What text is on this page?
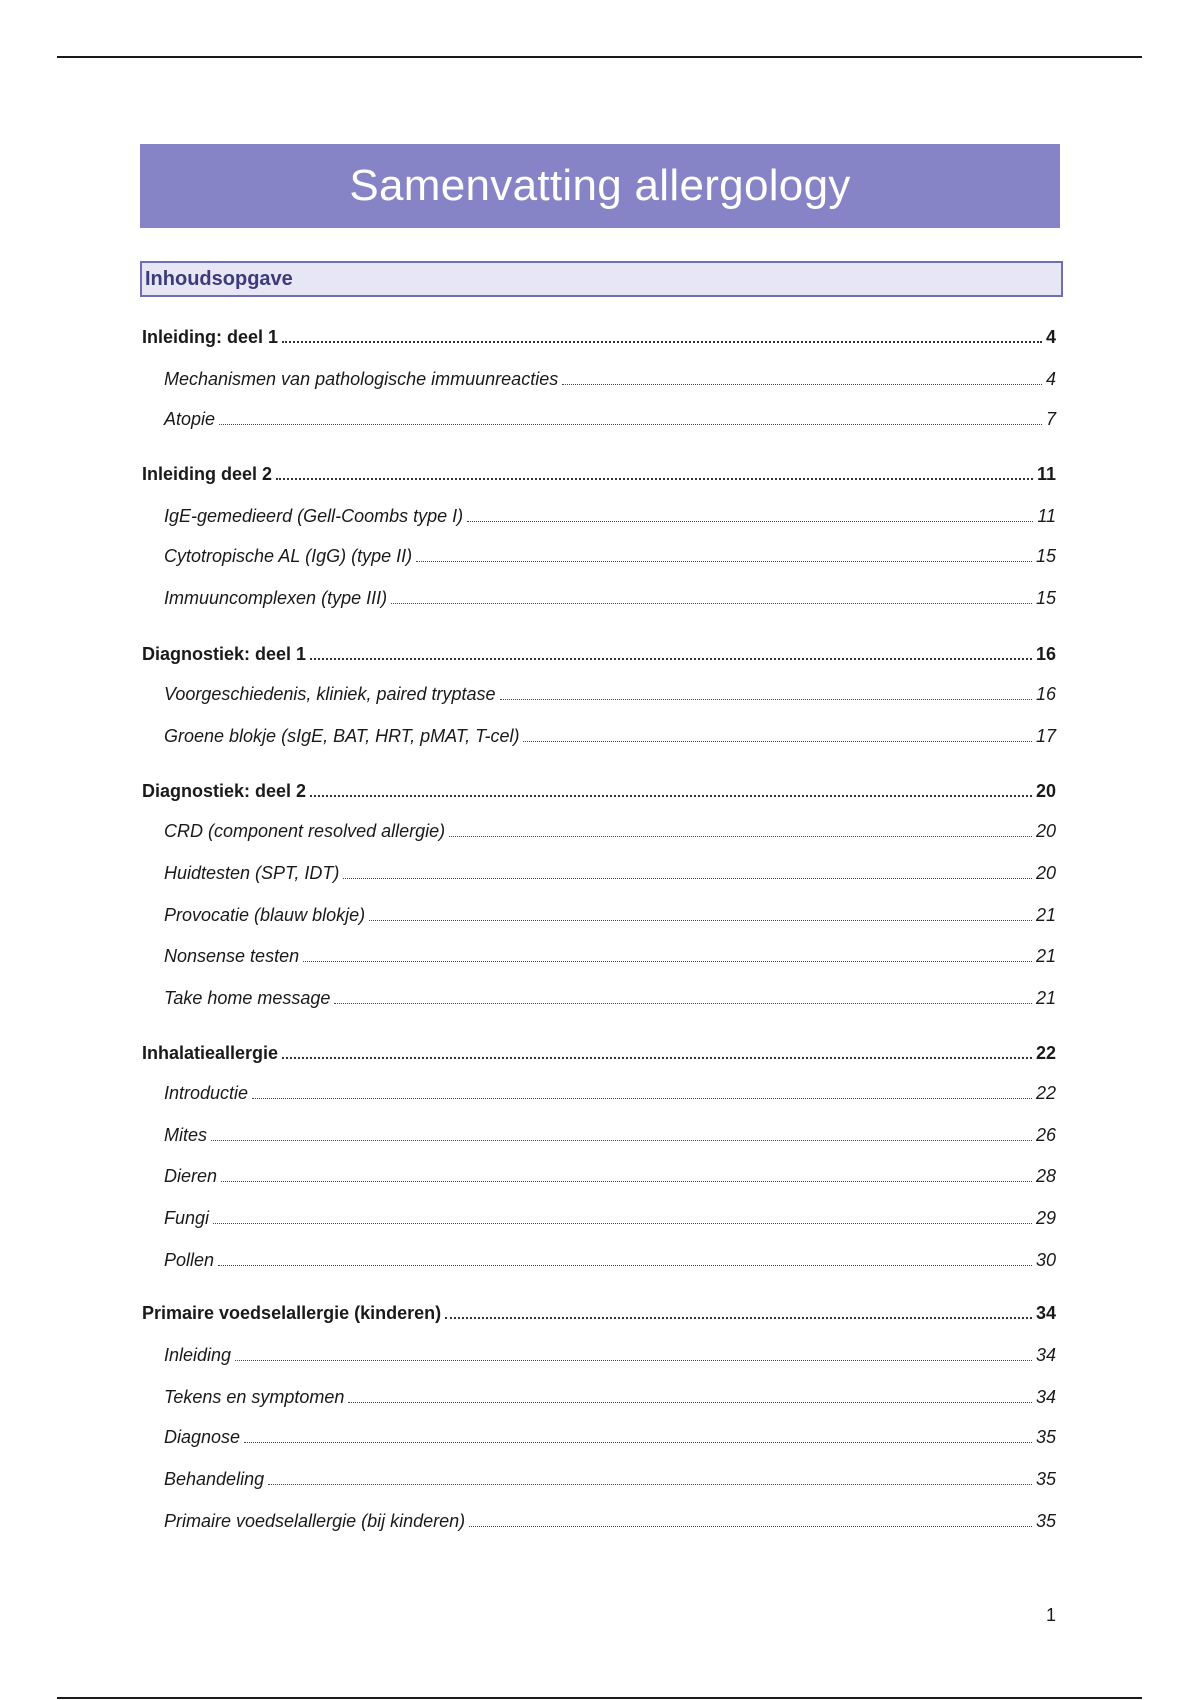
Samenvatting allergology
Inhoudsopgave
Inleiding: deel 1	4
Mechanismen van pathologische immuunreacties	4
Atopie	7
Inleiding deel 2	11
IgE-gemedieerd (Gell-Coombs type I)	11
Cytotropische AL (IgG) (type II)	15
Immuuncomplexen (type III)	15
Diagnostiek: deel 1	16
Voorgeschiedenis, kliniek, paired tryptase	16
Groene blokje (sIgE, BAT, HRT, pMAT, T-cel)	17
Diagnostiek: deel 2	20
CRD (component resolved allergie)	20
Huidtesten (SPT, IDT)	20
Provocatie (blauw blokje)	21
Nonsense testen	21
Take home message	21
Inhalatieallergie	22
Introductie	22
Mites	26
Dieren	28
Fungi	29
Pollen	30
Primaire voedselallergie (kinderen)	34
Inleiding	34
Tekens en symptomen	34
Diagnose	35
Behandeling	35
Primaire voedselallergie (bij kinderen)	35
1
